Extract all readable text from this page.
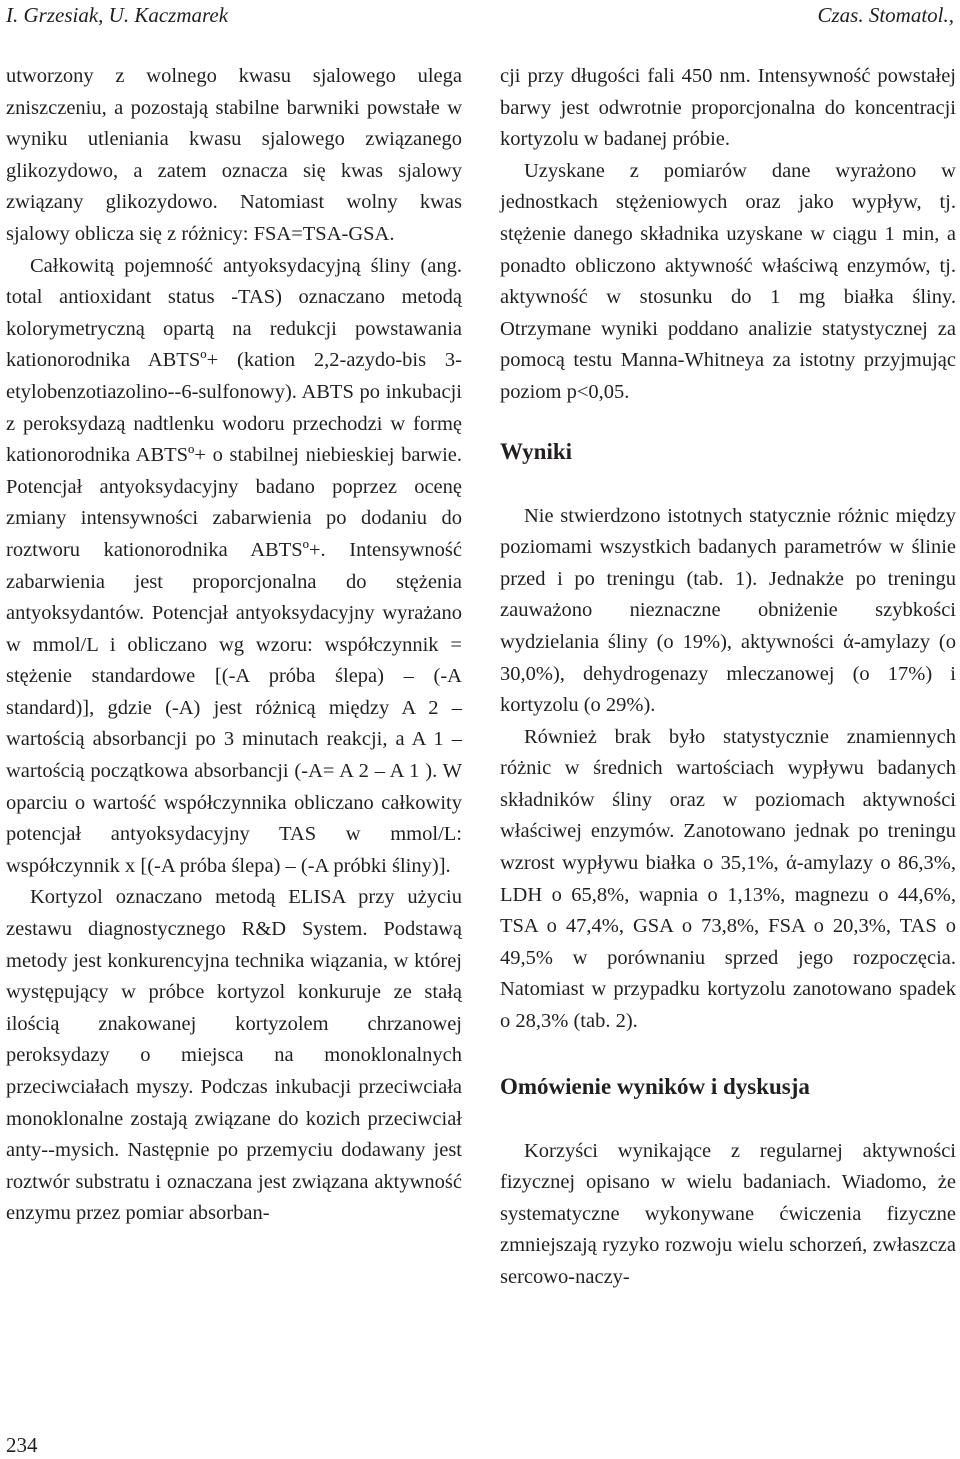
I. Grzesiak, U. Kaczmarek	Czas. Stomatol.,

utworzony z wolnego kwasu sjalowego ulega zniszczeniu, a pozostają stabilne barwniki powstałe w wyniku utleniania kwasu sjalowego związanego glikozydowo, a zatem oznacza się kwas sjalowy związany glikozydowo. Natomiast wolny kwas sjalowy oblicza się z różnicy: FSA=TSA-GSA.

Całkowitą pojemność antyoksydacyjną śliny (ang. total antioxidant status -TAS) oznaczano metodą kolorymetryczną opartą na redukcji powstawania kationorodnika ABTSº+ (kation 2,2-azydo-bis 3-etylobenzotiazolino--6-sulfonowy). ABTS po inkubacji z peroksydazą nadtlenku wodoru przechodzi w formę kationorodnika ABTSº+ o stabilnej niebieskiej barwie. Potencjał antyoksydacyjny badano poprzez ocenę zmiany intensywności zabarwienia po dodaniu do roztworu kationorodnika ABTSº+. Intensywność zabarwienia jest proporcjonalna do stężenia antyoksydantów. Potencjał antyoksydacyjny wyrażano w mmol/L i obliczano wg wzoru: współczynnik = stężenie standardowe [(-A próba ślepa) – (-A standard)], gdzie (-A) jest różnicą między A 2 – wartością absorbancji po 3 minutach reakcji, a A 1 – wartością początkowa absorbancji (-A= A 2 – A 1 ). W oparciu o wartość współczynnika obliczano całkowity potencjał antyoksydacyjny TAS w mmol/L: współczynnik x [(-A próba ślepa) – (-A próbki śliny)].

Kortyzol oznaczano metodą ELISA przy użyciu zestawu diagnostycznego R&D System. Podstawą metody jest konkurencyjna technika wiązania, w której występujący w próbce kortyzol konkuruje ze stałą ilością znakowanej kortyzolem chrzanowej peroksydazy o miejsca na monoklonalnych przeciwciałach myszy. Podczas inkubacji przeciwciała monoklonalne zostają związane do kozich przeciwciał anty--mysich. Następnie po przemyciu dodawany jest roztwór substratu i oznaczana jest związana aktywność enzymu przez pomiar absorban-

cji przy długości fali 450 nm. Intensywność powstałej barwy jest odwrotnie proporcjonalna do koncentracji kortyzolu w badanej próbie.

Uzyskane z pomiarów dane wyrażono w jednostkach stężeniowych oraz jako wypływ, tj. stężenie danego składnika uzyskane w ciągu 1 min, a ponadto obliczono aktywność właściwą enzymów, tj. aktywność w stosunku do 1 mg białka śliny. Otrzymane wyniki poddano analizie statystycznej za pomocą testu Manna-Whitneya za istotny przyjmując poziom p<0,05.

Wyniki

Nie stwierdzono istotnych statycznie różnic między poziomami wszystkich badanych parametrów w ślinie przed i po treningu (tab. 1). Jednakże po treningu zauważono nieznaczne obniżenie szybkości wydzielania śliny (o 19%), aktywności ά-amylazy (o 30,0%), dehydrogenazy mleczanowej (o 17%) i kortyzolu (o 29%).

Również brak było statystycznie znamiennych różnic w średnich wartościach wypływu badanych składników śliny oraz w poziomach aktywności właściwej enzymów. Zanotowano jednak po treningu wzrost wypływu białka o 35,1%, ά-amylazy o 86,3%, LDH o 65,8%, wapnia o 1,13%, magnezu o 44,6%, TSA o 47,4%, GSA o 73,8%, FSA o 20,3%, TAS o 49,5% w porównaniu sprzed jego rozpoczęcia. Natomiast w przypadku kortyzolu zanotowano spadek o 28,3% (tab. 2).

Omówienie wyników i dyskusja

Korzyści wynikające z regularnej aktywności fizycznej opisano w wielu badaniach. Wiadomo, że systematyczne wykonywane ćwiczenia fizyczne zmniejszają ryzyko rozwoju wielu schorzeń, zwłaszcza sercowo-naczy-

234
